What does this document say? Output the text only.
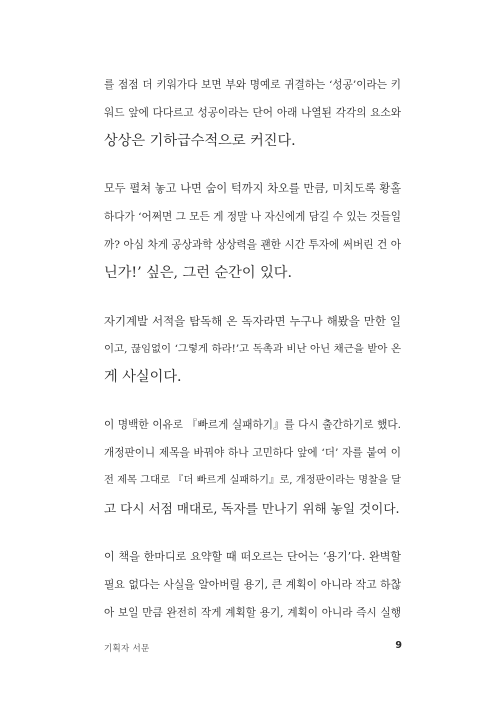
를 점점 더 키워가다 보면 부와 명예로 귀결하는 ‘성공’이라는 키
워드 앞에 다다르고 성공이라는 단어 아래 나열된 각각의 요소와
상상은 기하급수적으로 커진다.
모두 펼쳐 놓고 나면 숨이 턱까지 차오를 만큼, 미치도록 황홀
하다가 ‘어쩌면 그 모든 게 정말 나 자신에게 담길 수 있는 것들일
까? 아심 차게 공상과학 상상력을 괜한 시간 투자에 써버린 건 아
닌가!’ 싶은, 그런 순간이 있다.
자기계발 서적을 탐독해 온 독자라면 누구나 해봤을 만한 일
이고, 끊임없이 ‘그렇게 하라!’고 독촉과 비난 아닌 채근을 받아 온
게 사실이다.
이 명백한 이유로 『빠르게 실패하기』를 다시 출간하기로 했다.
개정판이니 제목을 바꿔야 하나 고민하다 앞에 ‘더’ 자를 붙여 이
전 제목 그대로 『더 빠르게 실패하기』로, 개정판이라는 명찰을 달
고 다시 서점 매대로, 독자를 만나기 위해 놓일 것이다.
이 책을 한마디로 요약할 때 떠오르는 단어는 ‘용기’다. 완벽할
필요 없다는 사실을 알아버릴 용기, 큰 계획이 아니라 작고 하찮
아 보일 만큼 완전히 작게 계획할 용기, 계획이 아니라 즉시 실행
기획자 서문	9
